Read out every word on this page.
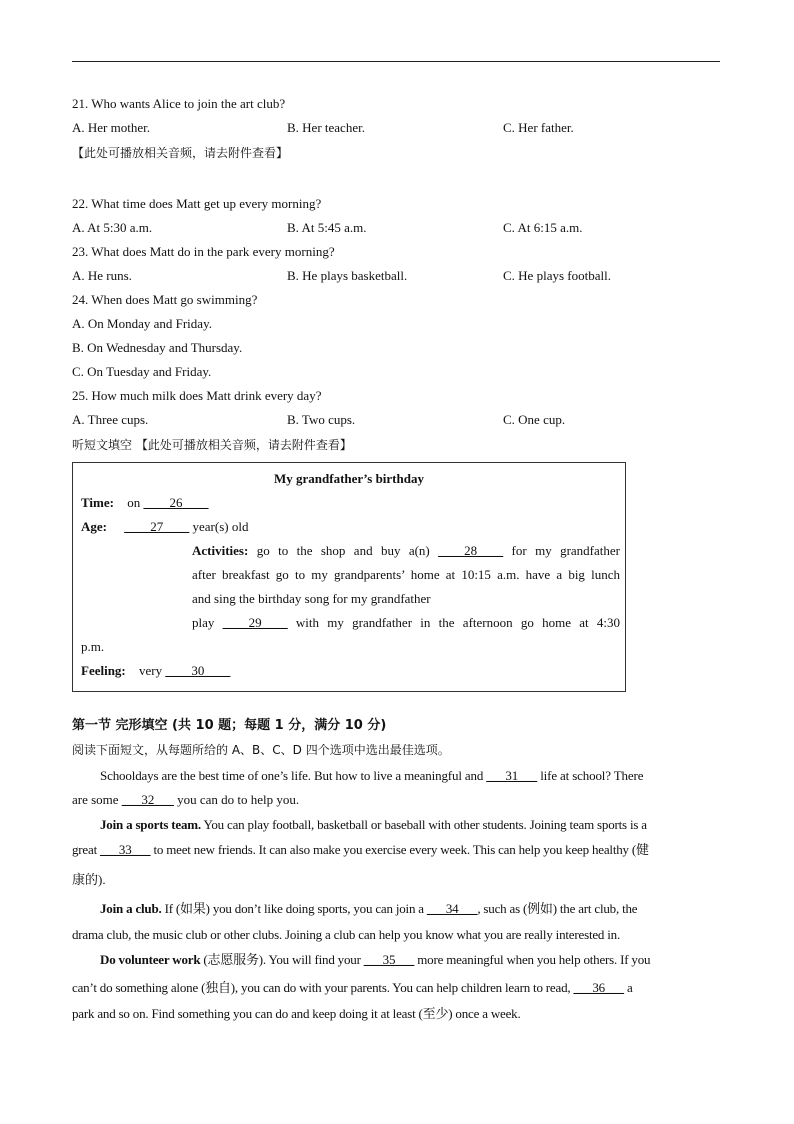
21. Who wants Alice to join the art club?
A. Her mother.	B. Her teacher.	C. Her father.
【此处可播放相关音频，请去附件查看】
22. What time does Matt get up every morning?
A. At 5:30 a.m.	B. At 5:45 a.m.	C. At 6:15 a.m.
23. What does Matt do in the park every morning?
A. He runs.	B. He plays basketball.	C. He plays football.
24. When does Matt go swimming?
A. On Monday and Friday.
B. On Wednesday and Thursday.
C. On Tuesday and Friday.
25. How much milk does Matt drink every day?
A. Three cups.	B. Two cups.	C. One cup.
听短文填空 【此处可播放相关音频，请去附件查看】
My grandfather’s birthday
Time: on ____26____
Age: ____27____ year(s) old
Activities: go to the shop and buy a(n) ____28____ for my grandfather
after breakfast go to my grandparents’ home at 10:15 a.m. have a big lunch
and sing the birthday song for my grandfather
play ____29____ with my grandfather in the afternoon go home at 4:30
p.m.
Feeling: very ____30____
第一节 完形填空 (共 10 题；每题 1 分，满分 10 分)
阅读下面短文，从每题所给的 A、B、C、D 四个选项中选出最佳选项。
Schooldays are the best time of one’s life. But how to live a meaningful and ___31___ life at school? There
are some ___32___ you can do to help you.
Join a sports team. You can play football, basketball or baseball with other students. Joining team sports is a
great ___33___ to meet new friends. It can also make you exercise every week. This can help you keep healthy (健
康的).
Join a club. If (如果) you don’t like doing sports, you can join a ___34___, such as (例如) the art club, the
drama club, the music club or other clubs. Joining a club can help you know what you are really interested in.
Do volunteer work (志愿服务). You will find your ___35___ more meaningful when you help others. If you
can’t do something alone (独自), you can do with your parents. You can help children learn to read, ___36___ a
park and so on. Find something you can do and keep doing it at least (至少) once a week.
